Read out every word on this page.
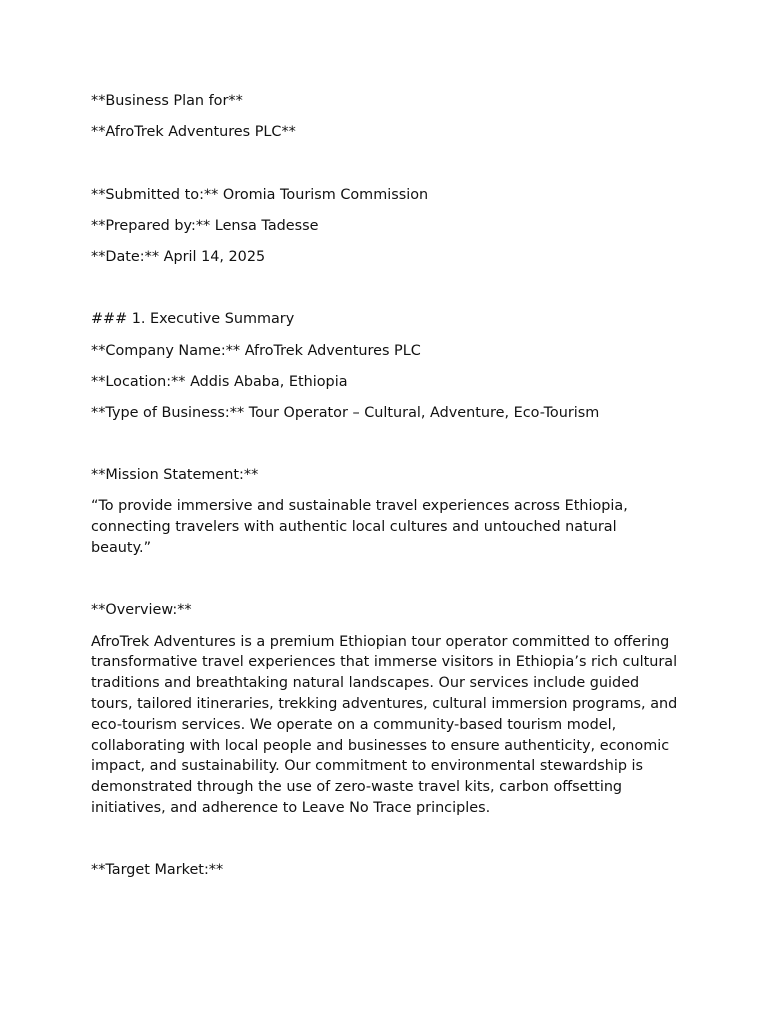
**Business Plan for**

**AfroTrek Adventures PLC**

**Submitted to:** Oromia Tourism Commission

**Prepared by:** Lensa Tadesse

**Date:** April 14, 2025

### 1. Executive Summary

**Company Name:** AfroTrek Adventures PLC

**Location:** Addis Ababa, Ethiopia

**Type of Business:** Tour Operator – Cultural, Adventure, Eco-Tourism

**Mission Statement:**

“To provide immersive and sustainable travel experiences across Ethiopia, connecting travelers with authentic local cultures and untouched natural beauty.”

**Overview:**

AfroTrek Adventures is a premium Ethiopian tour operator committed to offering transformative travel experiences that immerse visitors in Ethiopia’s rich cultural traditions and breathtaking natural landscapes. Our services include guided tours, tailored itineraries, trekking adventures, cultural immersion programs, and eco-tourism services. We operate on a community-based tourism model, collaborating with local people and businesses to ensure authenticity, economic impact, and sustainability. Our commitment to environmental stewardship is demonstrated through the use of zero-waste travel kits, carbon offsetting initiatives, and adherence to Leave No Trace principles.

**Target Market:**
